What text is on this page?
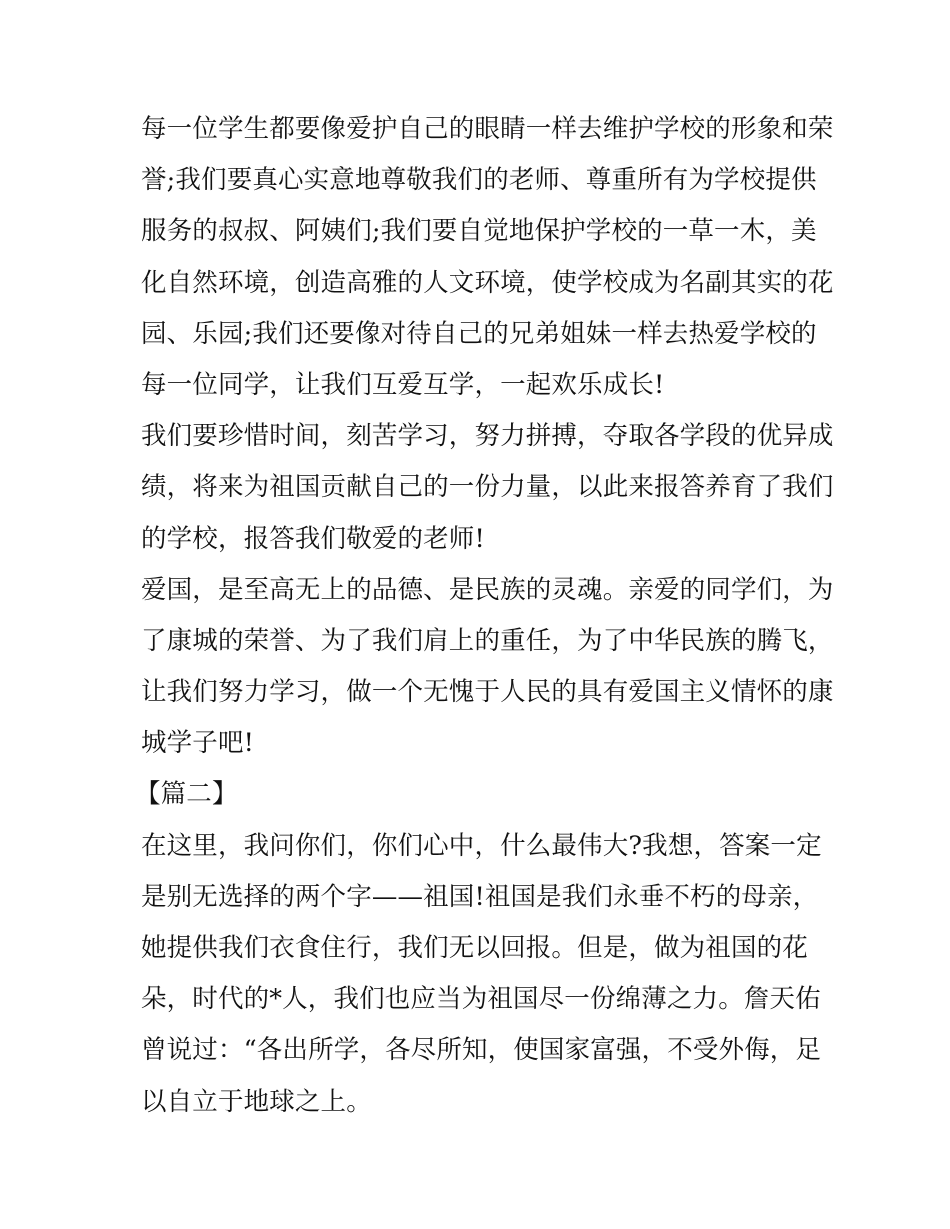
每一位学生都要像爱护自己的眼睛一样去维护学校的形象和荣
誉;我们要真心实意地尊敬我们的老师、尊重所有为学校提供
服务的叔叔、阿姨们;我们要自觉地保护学校的一草一木，美
化自然环境，创造高雅的人文环境，使学校成为名副其实的花
园、乐园;我们还要像对待自己的兄弟姐妹一样去热爱学校的
每一位同学，让我们互爱互学，一起欢乐成长!
我们要珍惜时间，刻苦学习，努力拼搏，夺取各学段的优异成
绩，将来为祖国贡献自己的一份力量，以此来报答养育了我们
的学校，报答我们敬爱的老师!
爱国，是至高无上的品德、是民族的灵魂。亲爱的同学们，为
了康城的荣誉、为了我们肩上的重任，为了中华民族的腾飞，
让我们努力学习，做一个无愧于人民的具有爱国主义情怀的康
城学子吧!
【篇二】
在这里，我问你们，你们心中，什么最伟大?我想，答案一定
是别无选择的两个字——祖国!祖国是我们永垂不朽的母亲，
她提供我们衣食住行，我们无以回报。但是，做为祖国的花
朵，时代的*人，我们也应当为祖国尽一份绵薄之力。詹天佑
曾说过：“各出所学，各尽所知，使国家富强，不受外侮，足
以自立于地球之上。
